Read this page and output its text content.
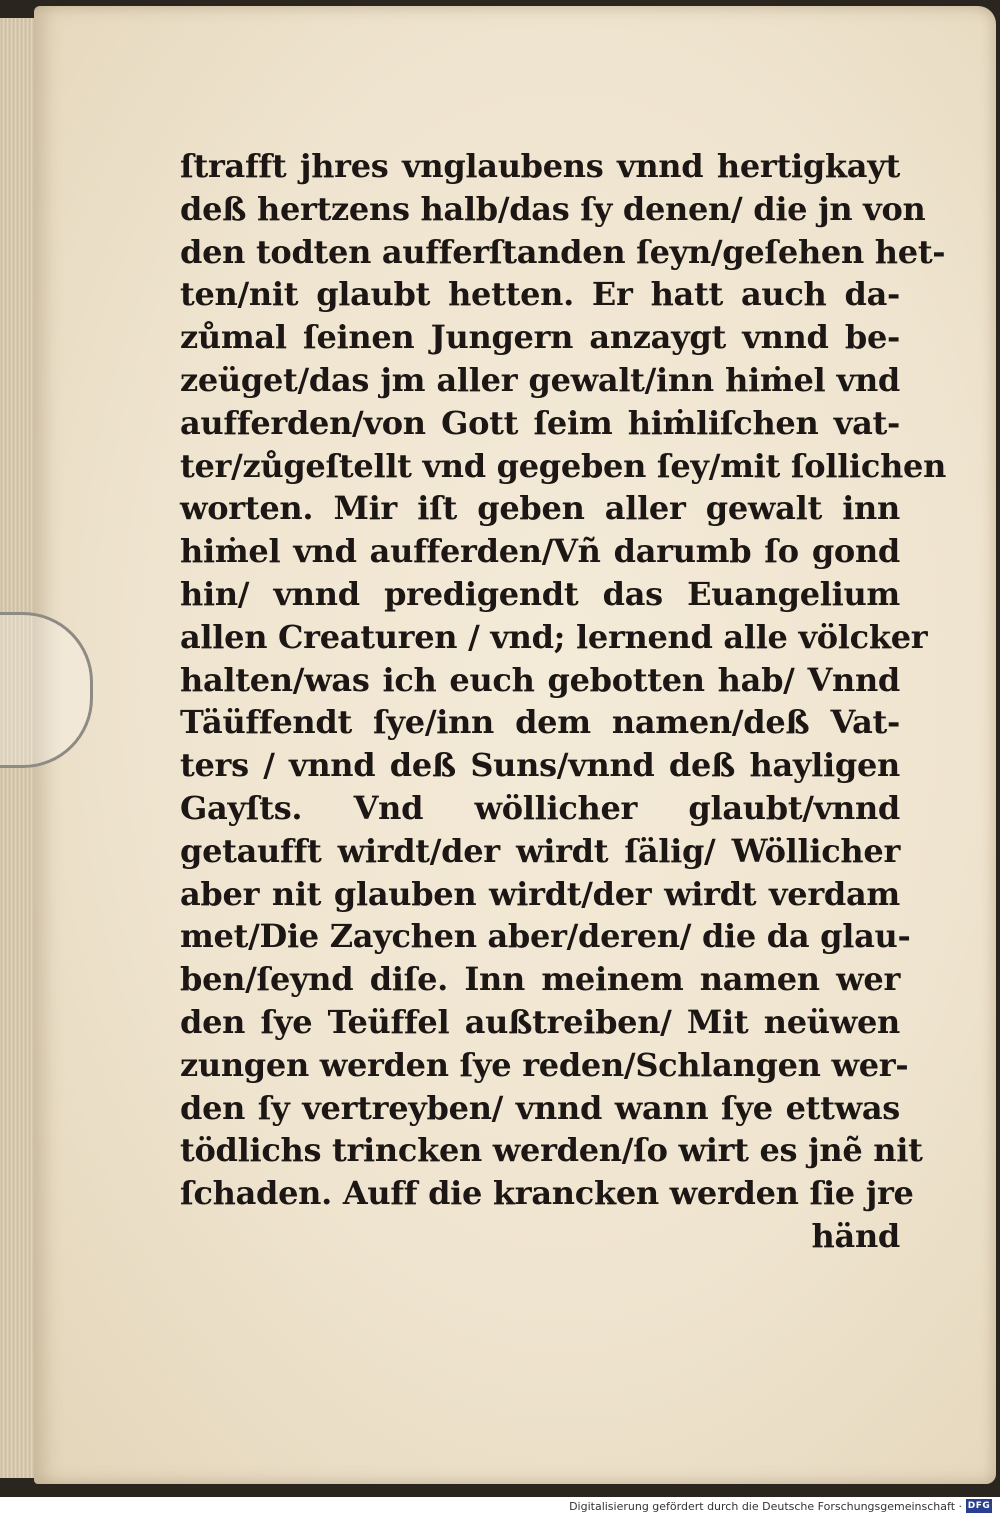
ſtrafft jhres vnglaubens vnnd hertigkayt
deß hertzens halb/das ſy denen/ die jn von
den todten aufferſtanden ſeyn/geſehen het-
ten/nit glaubt hetten. Er hatt auch da-
zůmal ſeinen Jungern anzaygt vnnd be-
zeüget/das jm aller gewalt/inn hiṁel vnd
aufferden/von Gott ſeim hiṁliſchen vat-
ter/zůgeſtellt vnd gegeben ſey/mit ſollichen
worten. Mir iſt geben aller gewalt inn
hiṁel vnd aufferden/Vñ darumb ſo gond
hin/ vnnd predigendt das Euangelium
allen Creaturen / vnd; lernend alle völcker
halten/was ich euch gebotten hab/ Vnnd
Täüffendt ſye/inn dem namen/deß Vat-
ters / vnnd deß Suns/vnnd deß hayligen
Gayſts. Vnd wöllicher glaubt/vnnd
getaufft wirdt/der wirdt ſälig/ Wöllicher
aber nit glauben wirdt/der wirdt verdam
met/Die Zaychen aber/deren/ die da glau-
ben/ſeynd diſe. Inn meinem namen wer
den ſye Teüffel außtreiben/ Mit neüwen
zungen werden ſye reden/Schlangen wer-
den ſy vertreyben/ vnnd wann ſye ettwas
tödlichs trincken werden/ſo wirt es jnẽ nit
ſchaden. Auff die krancken werden ſie jre
händ
Digitalisierung gefördert durch die Deutsche Forschungsgemeinschaft · DFG
